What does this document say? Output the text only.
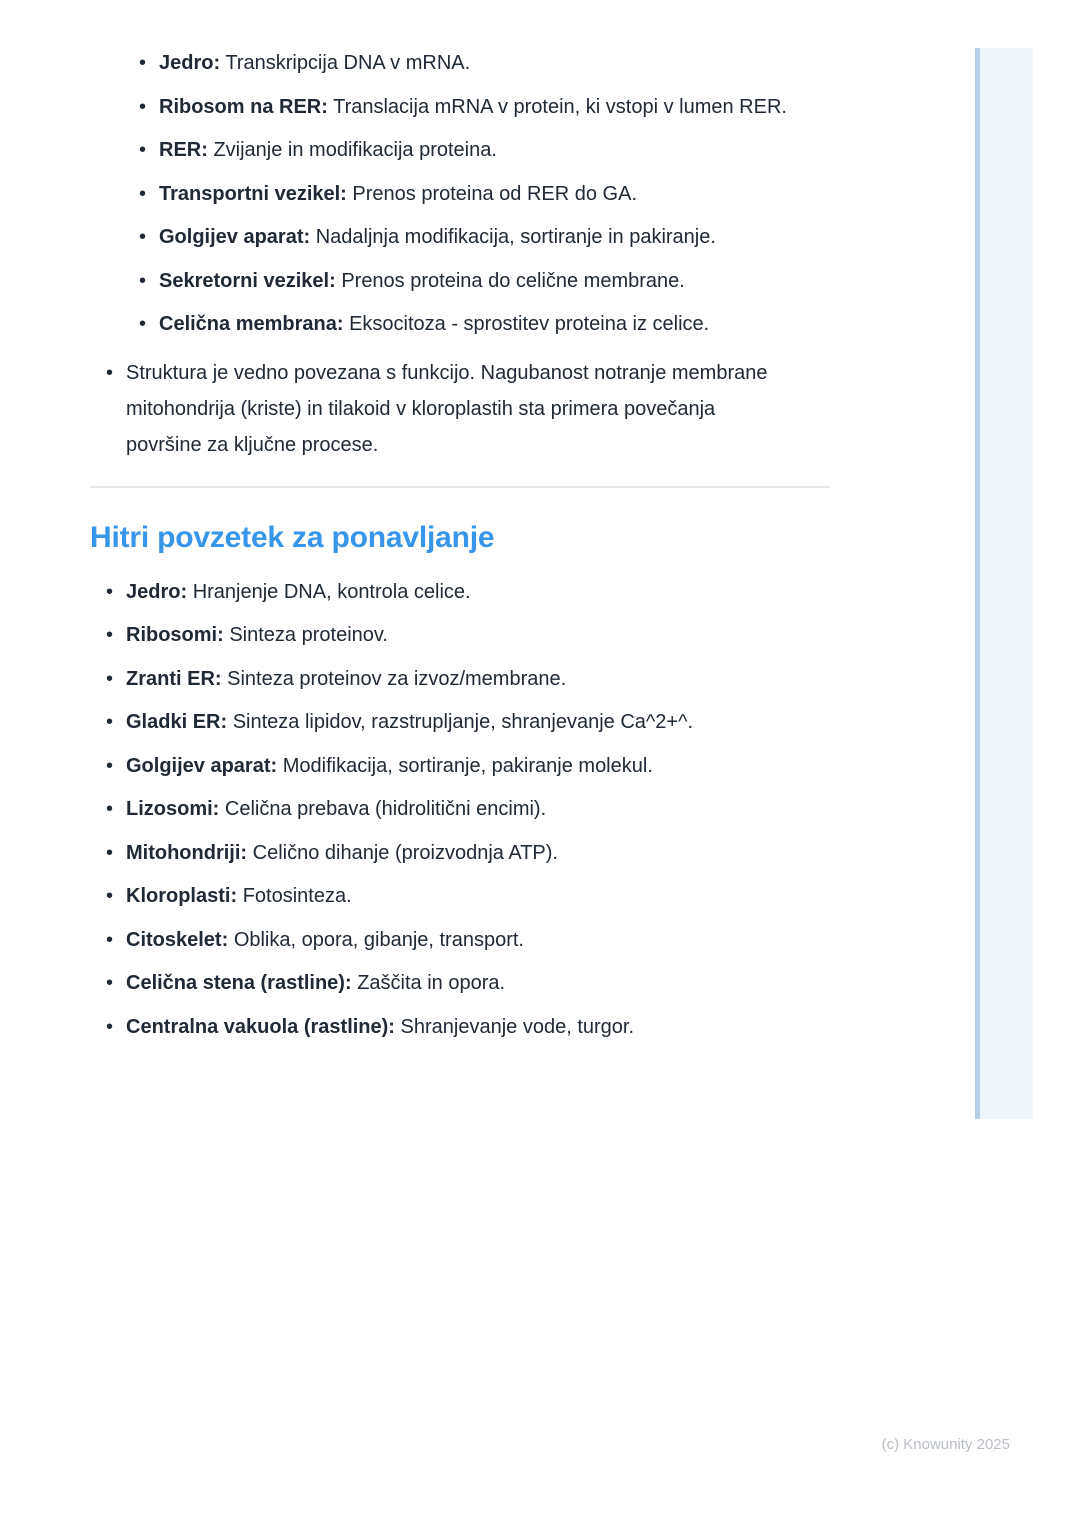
• Jedro: Transkripcija DNA v mRNA.
• Ribosom na RER: Translacija mRNA v protein, ki vstopi v lumen RER.
• RER: Zvijanje in modifikacija proteina.
• Transportni vezikel: Prenos proteina od RER do GA.
• Golgijev aparat: Nadaljnja modifikacija, sortiranje in pakiranje.
• Sekretorni vezikel: Prenos proteina do celične membrane.
• Celična membrana: Eksocitoza - sprostitev proteina iz celice.
• Struktura je vedno povezana s funkcijo. Nagubanost notranje membrane
mitohondrija (kriste) in tilakoid v kloroplastih sta primera povečanja
površine za ključne procese.
Hitri povzetek za ponavljanje
• Jedro: Hranjenje DNA, kontrola celice.
• Ribosomi: Sinteza proteinov.
• Zranti ER: Sinteza proteinov za izvoz/membrane.
• Gladki ER: Sinteza lipidov, razstrupljanje, shranjevanje Ca^2+^.
• Golgijev aparat: Modifikacija, sortiranje, pakiranje molekul.
• Lizosomi: Celična prebava (hidrolitični encimi).
• Mitohondriji: Celično dihanje (proizvodnja ATP).
• Kloroplasti: Fotosinteza.
• Citoskelet: Oblika, opora, gibanje, transport.
• Celična stena (rastline): Zaščita in opora.
• Centralna vakuola (rastline): Shranjevanje vode, turgor.
(c) Knowunity 2025
